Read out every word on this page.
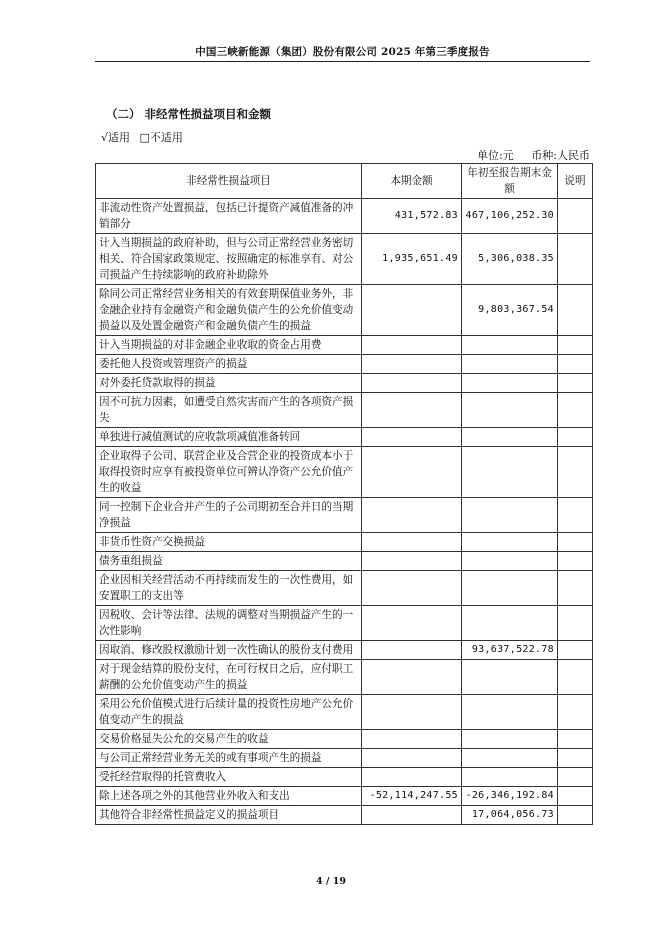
中国三峡新能源（集团）股份有限公司 2025 年第三季度报告
（二） 非经常性损益项目和金额
√适用 □不适用
单位:元 币种:人民币
非经常性损益项目	本期金额	年初至报告期末金额	说明
非流动性资产处置损益，包括已计提资产减值准备的冲销部分	431,572.83	467,106,252.30	
计入当期损益的政府补助，但与公司正常经营业务密切相关、符合国家政策规定、按照确定的标准享有、对公司损益产生持续影响的政府补助除外	1,935,651.49	5,306,038.35	
除同公司正常经营业务相关的有效套期保值业务外，非金融企业持有金融资产和金融负债产生的公允价值变动损益以及处置金融资产和金融负债产生的损益		9,803,367.54	
计入当期损益的对非金融企业收取的资金占用费			
委托他人投资或管理资产的损益			
对外委托贷款取得的损益			
因不可抗力因素，如遭受自然灾害而产生的各项资产损失			
单独进行减值测试的应收款项减值准备转回			
企业取得子公司、联营企业及合营企业的投资成本小于取得投资时应享有被投资单位可辨认净资产公允价值产生的收益			
同一控制下企业合并产生的子公司期初至合并日的当期净损益			
非货币性资产交换损益			
债务重组损益			
企业因相关经营活动不再持续而发生的一次性费用，如安置职工的支出等			
因税收、会计等法律、法规的调整对当期损益产生的一次性影响			
因取消、修改股权激励计划一次性确认的股份支付费用		93,637,522.78	
对于现金结算的股份支付，在可行权日之后，应付职工薪酬的公允价值变动产生的损益			
采用公允价值模式进行后续计量的投资性房地产公允价值变动产生的损益			
交易价格显失公允的交易产生的收益			
与公司正常经营业务无关的或有事项产生的损益			
受托经营取得的托管费收入			
除上述各项之外的其他营业外收入和支出	-52,114,247.55	-26,346,192.84	
其他符合非经常性损益定义的损益项目		17,064,056.73	
4 / 19
